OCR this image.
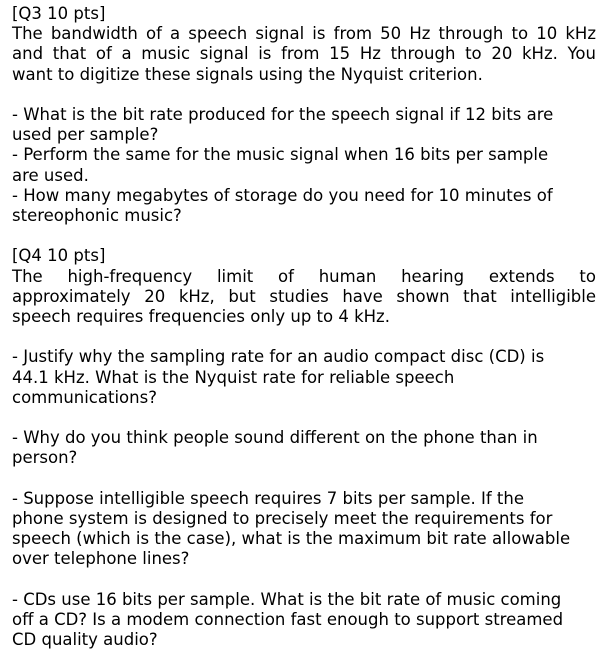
[Q3 10 pts]
The bandwidth of a speech signal is from 50 Hz through to 10 kHz
and that of a music signal is from 15 Hz through to 20 kHz. You
want to digitize these signals using the Nyquist criterion.
- What is the bit rate produced for the speech signal if 12 bits are
used per sample?
- Perform the same for the music signal when 16 bits per sample
are used.
- How many megabytes of storage do you need for 10 minutes of
stereophonic music?
[Q4 10 pts]
The high-frequency limit of human hearing extends to
approximately 20 kHz, but studies have shown that intelligible
speech requires frequencies only up to 4 kHz.
- Justify why the sampling rate for an audio compact disc (CD) is
44.1 kHz. What is the Nyquist rate for reliable speech
communications?
- Why do you think people sound different on the phone than in
person?
- Suppose intelligible speech requires 7 bits per sample. If the
phone system is designed to precisely meet the requirements for
speech (which is the case), what is the maximum bit rate allowable
over telephone lines?
- CDs use 16 bits per sample. What is the bit rate of music coming
off a CD? Is a modem connection fast enough to support streamed
CD quality audio?
